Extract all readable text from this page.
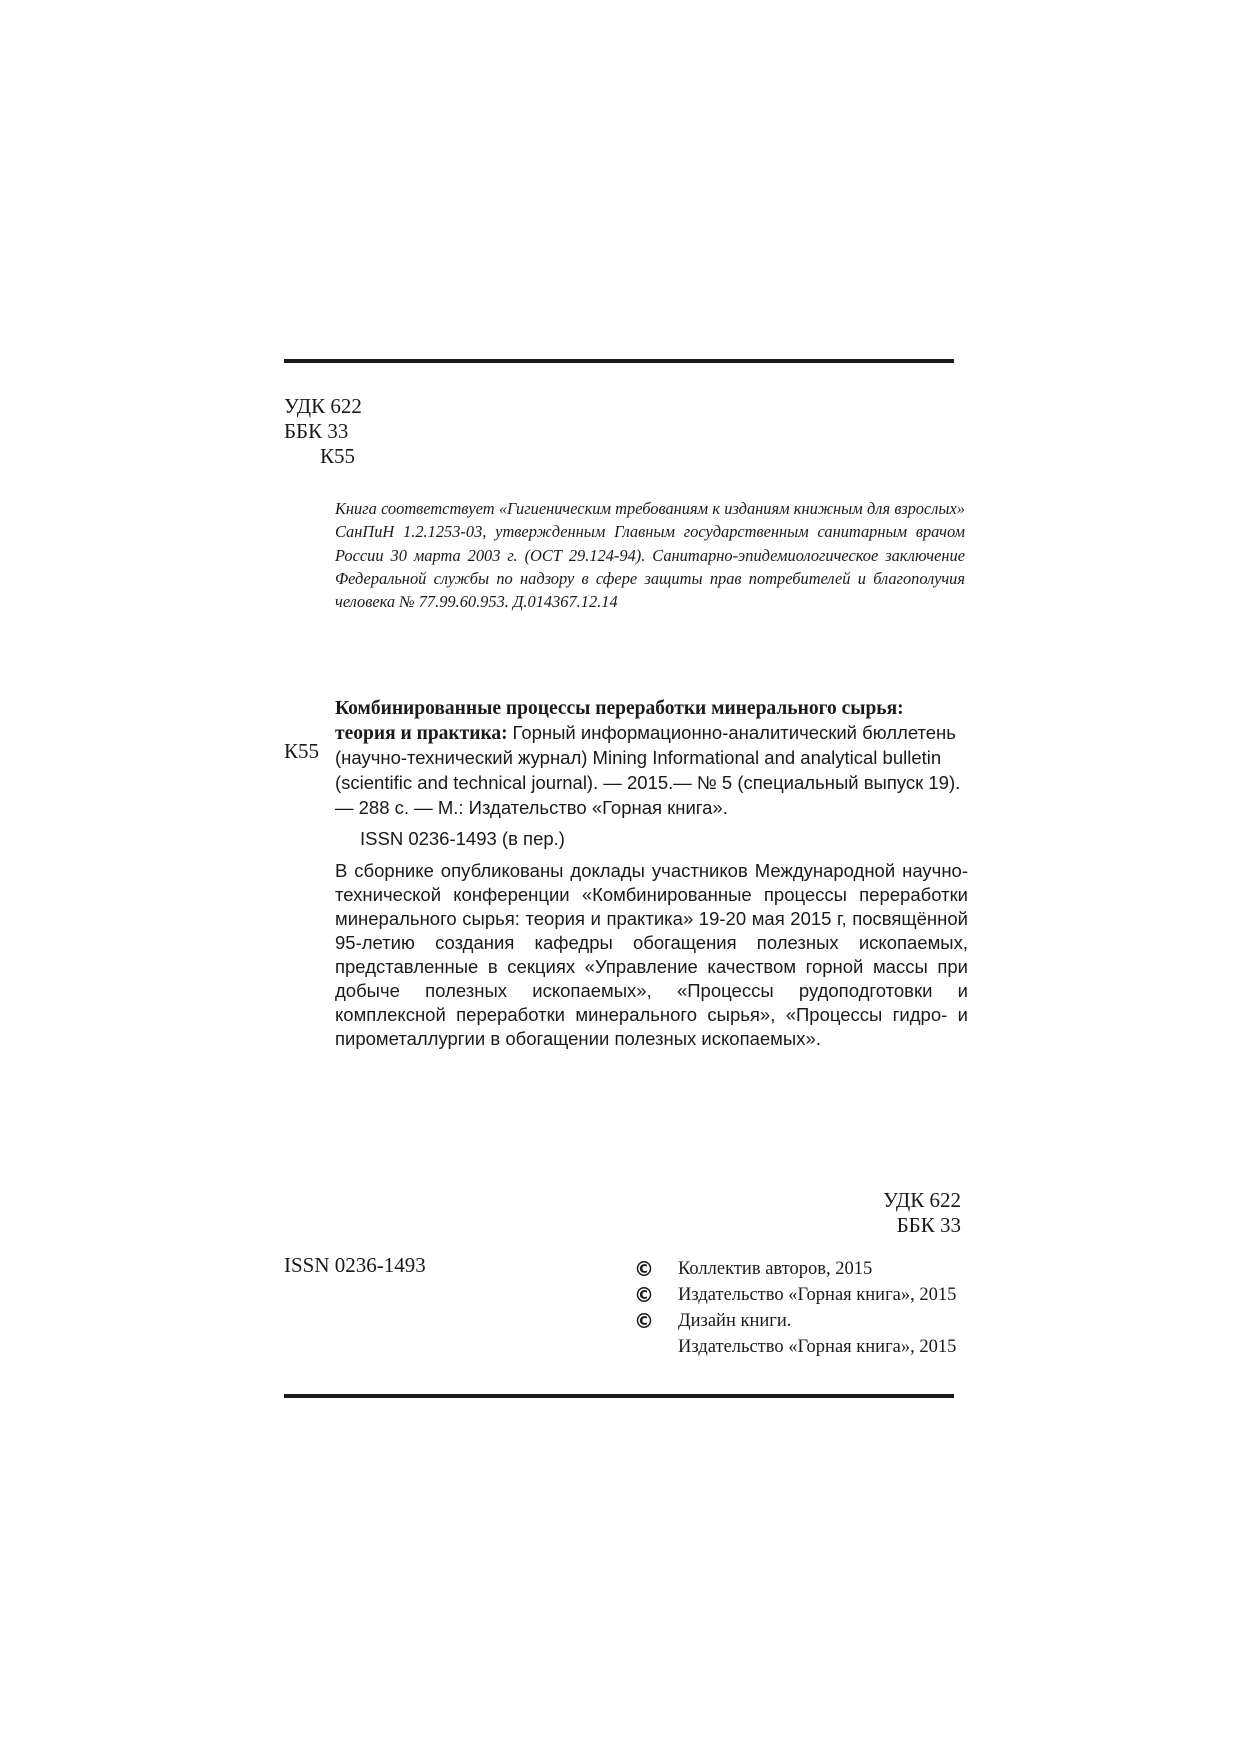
УДК 622
ББК 33
К55
Книга соответствует «Гигиеническим требованиям к изданиям книжным для взрослых» СанПиН 1.2.1253-03, утвержденным Главным государственным санитарным врачом России 30 марта 2003 г. (ОСТ 29.124-94). Санитарно-эпидемиологическое заключение Федеральной службы по надзору в сфере защиты прав потребителей и благополучия человека № 77.99.60.953. Д.014367.12.14
К55
Комбинированные процессы переработки минерального сырья: теория и практика: Горный информационно-аналитический бюллетень (научно-технический журнал) Mining Informational and analytical bulletin (scientific and technical journal). — 2015.— № 5 (специальный выпуск 19). — 288 с. — М.: Издательство «Горная книга».
ISSN 0236-1493 (в пер.)
В сборнике опубликованы доклады участников Международной научно-технической конференции «Комбинированные процессы переработки минерального сырья: теория и практика» 19-20 мая 2015 г, посвящённой 95-летию создания кафедры обогащения полезных ископаемых, представленные в секциях «Управление качеством горной массы при добыче полезных ископаемых», «Процессы рудоподготовки и комплексной переработки минерального сырья», «Процессы гидро- и пирометаллургии в обогащении полезных ископаемых».
УДК 622
ББК 33
ISSN 0236-1493	©	Коллектив авторов, 2015
©	Издательство «Горная книга», 2015
©	Дизайн книги.
Издательство «Горная книга», 2015
